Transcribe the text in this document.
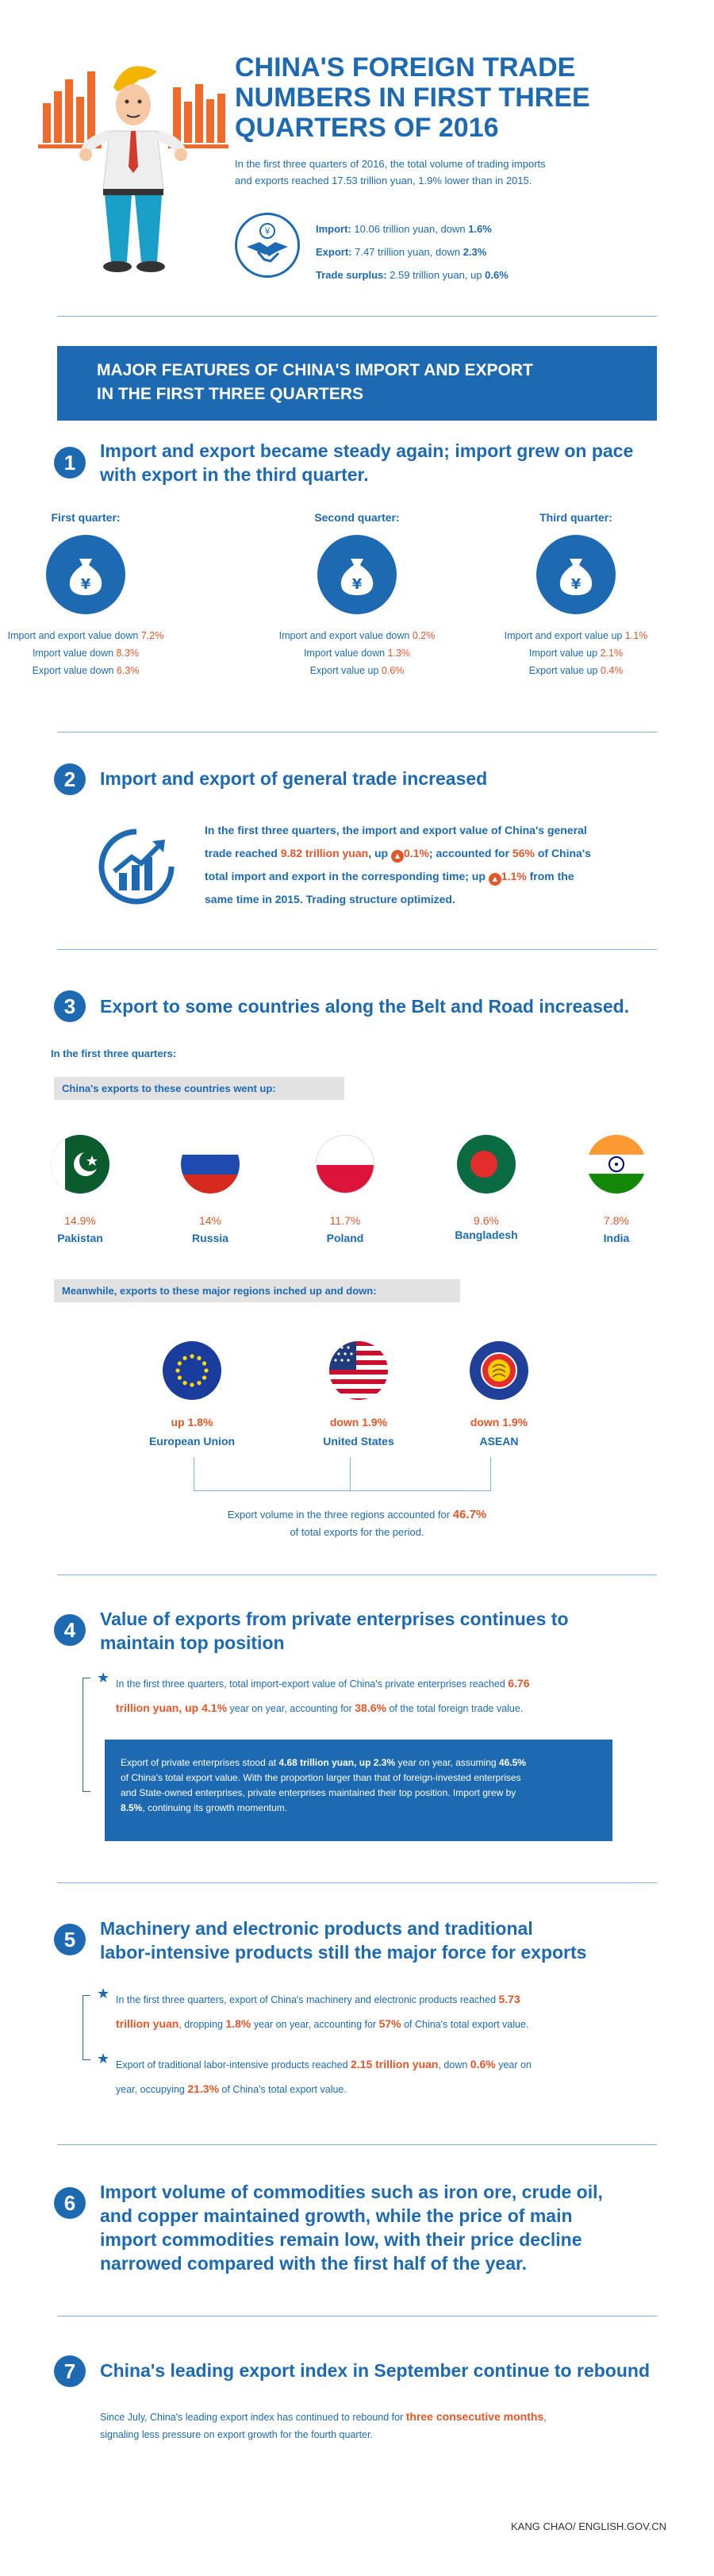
CHINA'S FOREIGN TRADE
NUMBERS IN FIRST THREE
QUARTERS OF 2016
In the first three quarters of 2016, the total volume of trading imports
and exports reached 17.53 trillion yuan, 1.9% lower than in 2015.
¥	Import: 10.06 trillion yuan, down 1.6%
Export: 7.47 trillion yuan, down 2.3%
Trade surplus: 2.59 trillion yuan, up 0.6%
MAJOR FEATURES OF CHINA'S IMPORT AND EXPORT
IN THE FIRST THREE QUARTERS
1	Import and export became steady again; import grew on pace
with export in the third quarter.
First quarter:
¥
Import and export value down 7.2%
Import value down 8.3%
Export value down 6.3%
Second quarter:
¥
Import and export value down 0.2%
Import value down 1.3%
Export value up 0.6%
Third quarter:
¥
Import and export value up 1.1%
Import value up 2.1%
Export value up 0.4%
2	Import and export of general trade increased
In the first three quarters, the import and export value of China's general
trade reached 9.82 trillion yuan, up ▲ 0.1%; accounted for 56% of China's
total import and export in the corresponding time; up ▲ 1.1% from the
same time in 2015. Trading structure optimized.
3	Export to some countries along the Belt and Road increased.
In the first three quarters:
China's exports to these countries went up:
14.9%	14%	11.7%	9.6%	7.8%
Pakistan	Russia	Poland	Bangladesh	India
Meanwhile, exports to these major regions inched up and down:
up 1.8%	down 1.9%	down 1.9%
European Union	United States	ASEAN
Export volume in the three regions accounted for 46.7%
of total exports for the period.
4	Value of exports from private enterprises continues to
maintain top position
★ In the first three quarters, total import-export value of China's private enterprises reached 6.76
trillion yuan, up 4.1% year on year, accounting for 38.6% of the total foreign trade value.
Export of private enterprises stood at 4.68 trillion yuan, up 2.3% year on year, assuming 46.5%
of China's total export value. With the proportion larger than that of foreign-invested enterprises
and State-owned enterprises, private enterprises maintained their top position. Import grew by
8.5%, continuing its growth momentum.
5	Machinery and electronic products and traditional
labor-intensive products still the major force for exports
★ In the first three quarters, export of China's machinery and electronic products reached 5.73
trillion yuan, dropping 1.8% year on year, accounting for 57% of China's total export value.
★ Export of traditional labor-intensive products reached 2.15 trillion yuan, down 0.6% year on
year, occupying 21.3% of China's total export value.
6	Import volume of commodities such as iron ore, crude oil,
and copper maintained growth, while the price of main
import commodities remain low, with their price decline
narrowed compared with the first half of the year.
7	China's leading export index in September continue to rebound
Since July, China's leading export index has continued to rebound for three consecutive months,
signaling less pressure on export growth for the fourth quarter.
KANG CHAO/ ENGLISH.GOV.CN
